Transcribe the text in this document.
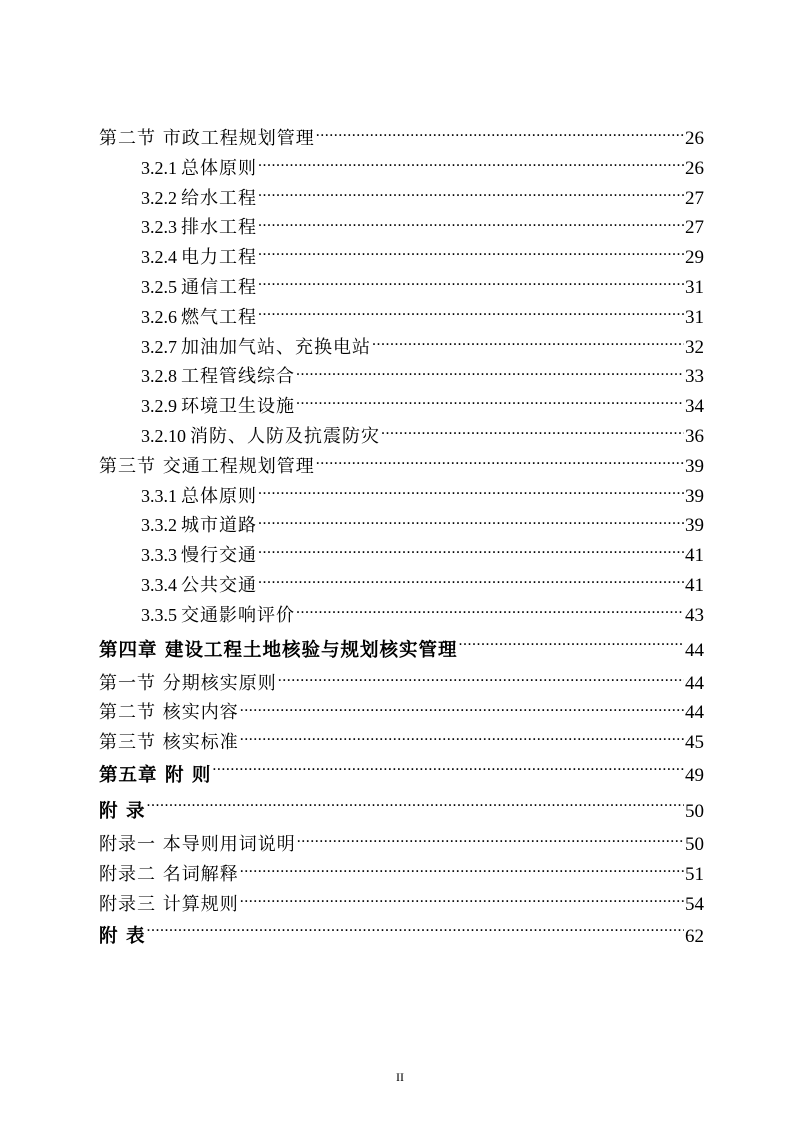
第二节 市政工程规划管理 .....	26
3.2.1 总体原则 .....	26
3.2.2 给水工程 .....	27
3.2.3 排水工程 .....	27
3.2.4 电力工程 .....	29
3.2.5 通信工程 .....	31
3.2.6 燃气工程 .....	31
3.2.7 加油加气站、充换电站 .....	32
3.2.8 工程管线综合 .....	33
3.2.9 环境卫生设施 .....	34
3.2.10 消防、人防及抗震防灾 .....	36
第三节 交通工程规划管理 .....	39
3.3.1 总体原则 .....	39
3.3.2 城市道路 .....	39
3.3.3 慢行交通 .....	41
3.3.4 公共交通 .....	41
3.3.5 交通影响评价 .....	43
第四章 建设工程土地核验与规划核实管理 .....	44
第一节 分期核实原则 .....	44
第二节 核实内容 .....	44
第三节 核实标准 .....	45
第五章 附 则 .....	49
附 录 .....	50
附录一 本导则用词说明 .....	50
附录二 名词解释 .....	51
附录三 计算规则 .....	54
附 表 .....	62
II
